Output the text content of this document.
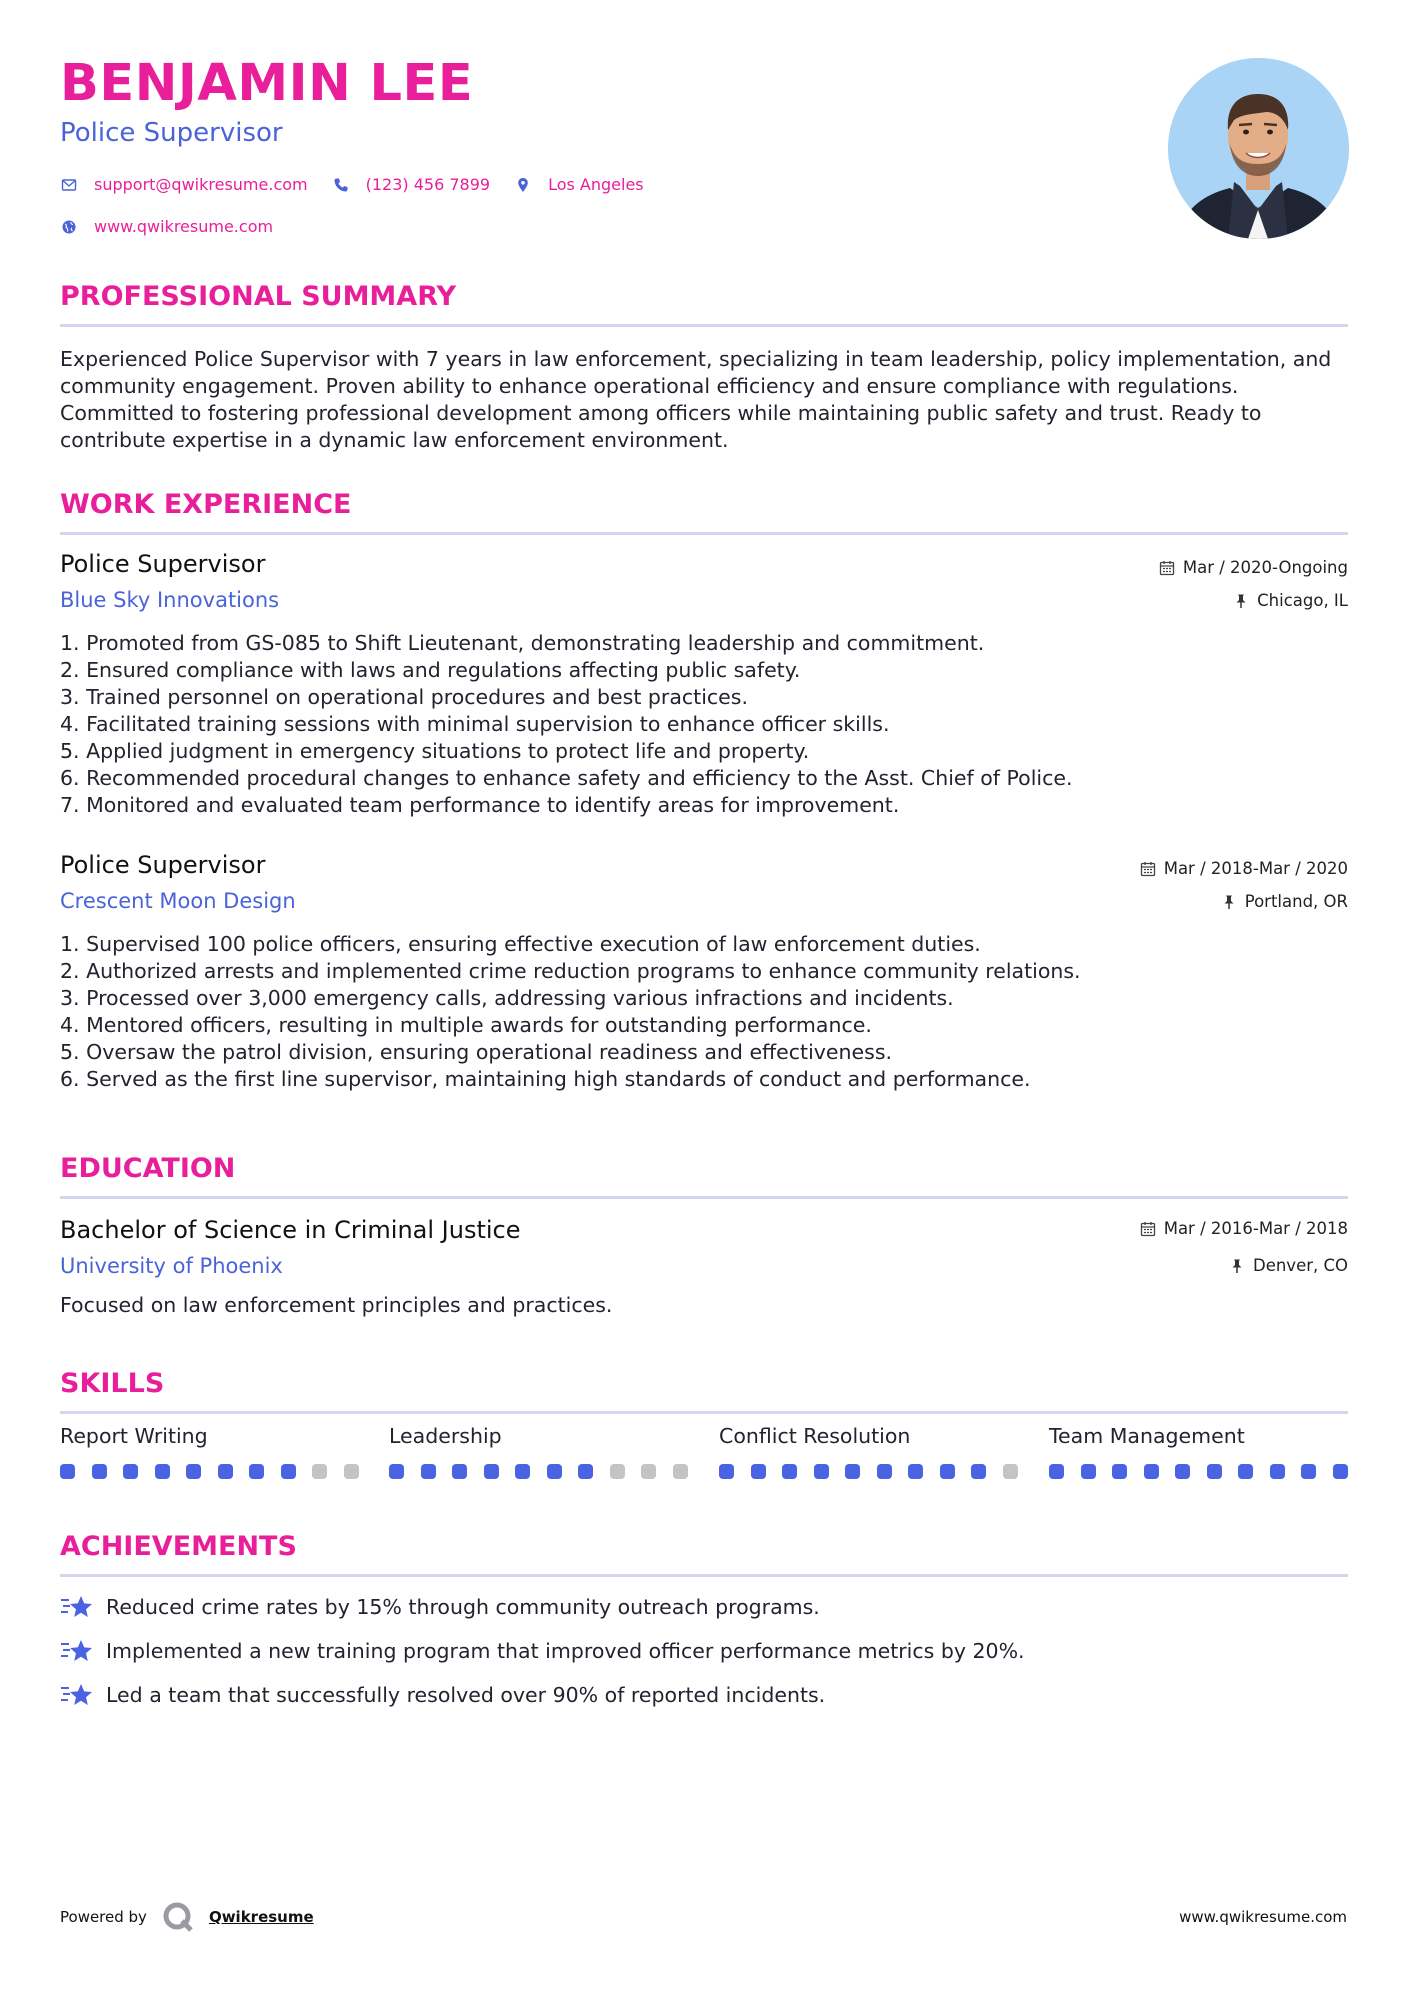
BENJAMIN LEE
Police Supervisor
support@qwikresume.com	(123) 456 7899	Los Angeles
www.qwikresume.com
PROFESSIONAL SUMMARY
Experienced Police Supervisor with 7 years in law enforcement, specializing in team leadership, policy implementation, and
community engagement. Proven ability to enhance operational efficiency and ensure compliance with regulations.
Committed to fostering professional development among officers while maintaining public safety and trust. Ready to
contribute expertise in a dynamic law enforcement environment.
WORK EXPERIENCE
Police Supervisor
Blue Sky Innovations
Mar / 2020-Ongoing
Chicago, IL
1. Promoted from GS-085 to Shift Lieutenant, demonstrating leadership and commitment.
2. Ensured compliance with laws and regulations affecting public safety.
3. Trained personnel on operational procedures and best practices.
4. Facilitated training sessions with minimal supervision to enhance officer skills.
5. Applied judgment in emergency situations to protect life and property.
6. Recommended procedural changes to enhance safety and efficiency to the Asst. Chief of Police.
7. Monitored and evaluated team performance to identify areas for improvement.
Police Supervisor
Crescent Moon Design
Mar / 2018-Mar / 2020
Portland, OR
1. Supervised 100 police officers, ensuring effective execution of law enforcement duties.
2. Authorized arrests and implemented crime reduction programs to enhance community relations.
3. Processed over 3,000 emergency calls, addressing various infractions and incidents.
4. Mentored officers, resulting in multiple awards for outstanding performance.
5. Oversaw the patrol division, ensuring operational readiness and effectiveness.
6. Served as the first line supervisor, maintaining high standards of conduct and performance.
EDUCATION
Bachelor of Science in Criminal Justice
University of Phoenix
Mar / 2016-Mar / 2018
Denver, CO
Focused on law enforcement principles and practices.
SKILLS
Report Writing	Leadership	Conflict Resolution	Team Management
ACHIEVEMENTS
Reduced crime rates by 15% through community outreach programs.
Implemented a new training program that improved officer performance metrics by 20%.
Led a team that successfully resolved over 90% of reported incidents.
Powered by	Qwikresume	www.qwikresume.com
